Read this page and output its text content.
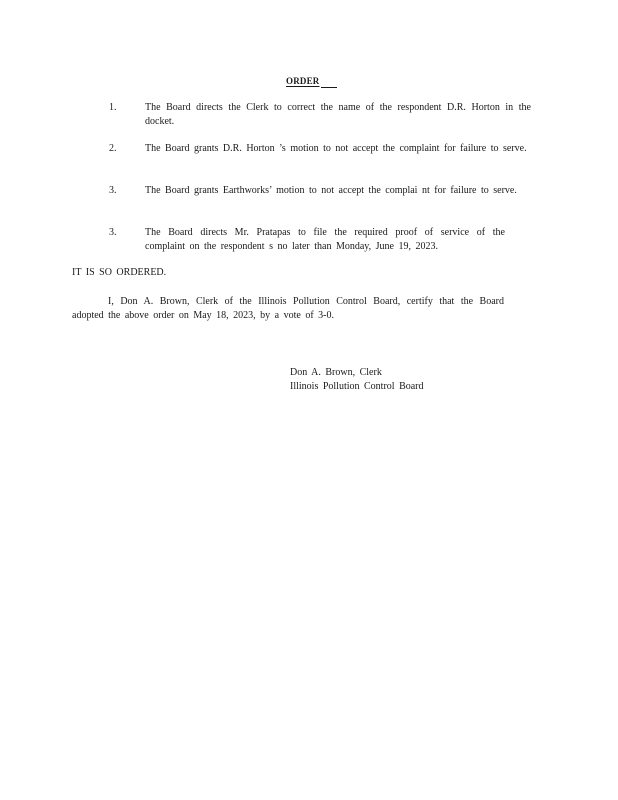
ORDER
1.	The Board directs the Clerk to correct the name of the respondent D.R. Horton in the docket.
2.	The Board grants D.R. Horton ’s motion to not accept the complaint for failure to serve.
3.	The Board grants Earthworks’ motion to not accept the complai nt for failure to serve.
3.	The Board directs Mr. Pratapas to file the required proof of service of the complaint on the respondent s no later than Monday, June 19, 2023.
IT IS SO ORDERED.
I, Don A. Brown, Clerk of the Illinois Pollution Control Board, certify that the Board
adopted the above order on May 18, 2023, by a vote of 3-0.
Don A. Brown, Clerk
Illinois Pollution Control Board
